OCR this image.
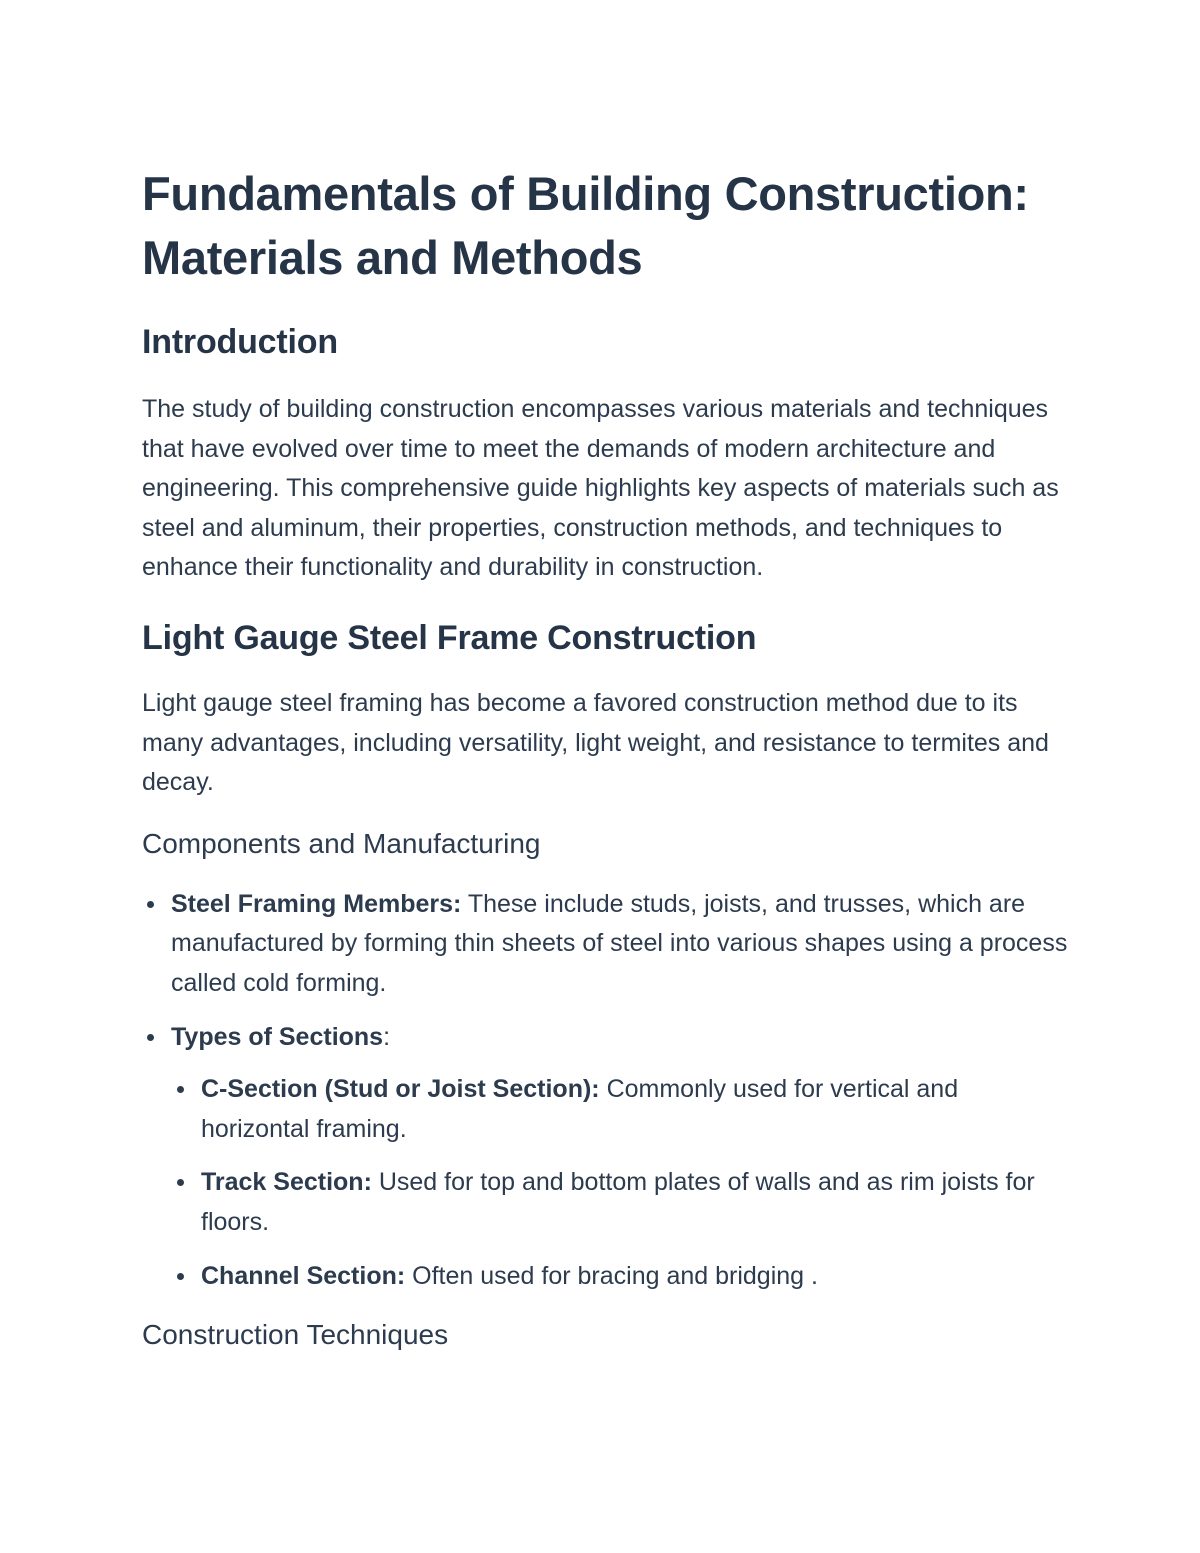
Fundamentals of Building Construction: Materials and Methods
Introduction

The study of building construction encompasses various materials and techniques that have evolved over time to meet the demands of modern architecture and engineering. This comprehensive guide highlights key aspects of materials such as steel and aluminum, their properties, construction methods, and techniques to enhance their functionality and durability in construction.

Light Gauge Steel Frame Construction

Light gauge steel framing has become a favored construction method due to its many advantages, including versatility, light weight, and resistance to termites and decay.

Components and Manufacturing
Steel Framing Members: These include studs, joists, and trusses, which are manufactured by forming thin sheets of steel into various shapes using a process called cold forming.
Types of Sections:
C-Section (Stud or Joist Section): Commonly used for vertical and horizontal framing.
Track Section: Used for top and bottom plates of walls and as rim joists for floors.
Channel Section: Often used for bracing and bridging .
Construction Techniques
